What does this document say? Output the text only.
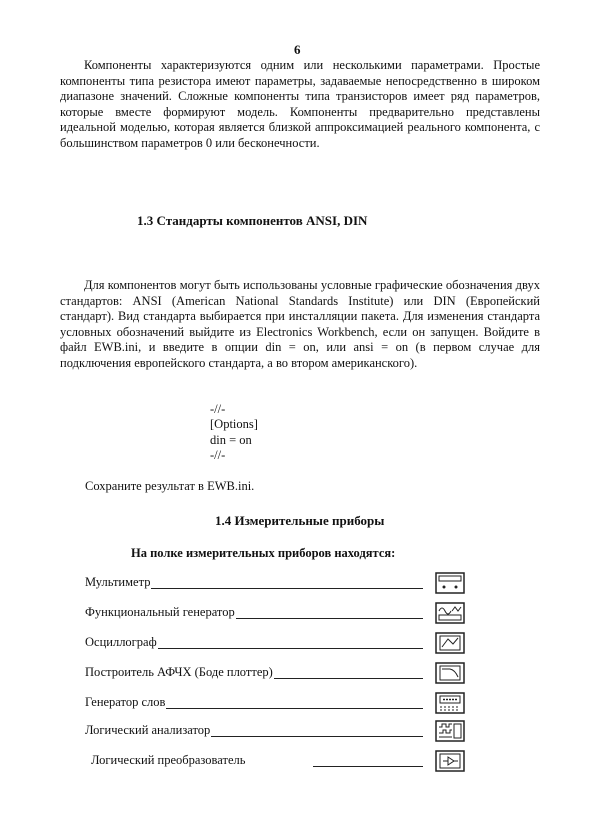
6

Компоненты характеризуются одним или несколькими параметрами. Простые компоненты типа резистора имеют параметры, задаваемые непосредственно в широком диапазоне значений. Сложные компоненты типа транзисторов имеет ряд параметров, которые вместе формируют модель. Компоненты предварительно представлены идеальной моделью, которая является близкой аппроксимацией реального компонента, с большинством параметров 0 или бесконечности.

1.3 Стандарты компонентов ANSI, DIN

Для компонентов могут быть использованы условные графические обозначения двух стандартов: ANSI (American National Standards Institute) или DIN (Европейский стандарт). Вид стандарта выбирается при инсталляции пакета. Для изменения стандарта условных обозначений выйдите из Electronics Workbench, если он запущен. Войдите в файл EWB.ini, и введите в опции din = on, или ansi = on (в первом случае для подключения европейского стандарта, а во втором американского).

-//-
[Options]
din = on
-//-
Сохраните результат в EWB.ini.
1.4 Измерительные приборы
На полке измерительных приборов находятся:
Мультиметр
Функциональный генератор
Осциллограф
Построитель АФЧХ (Боде плоттер)
Генератор слов
Логический анализатор
Логический преобразователь
